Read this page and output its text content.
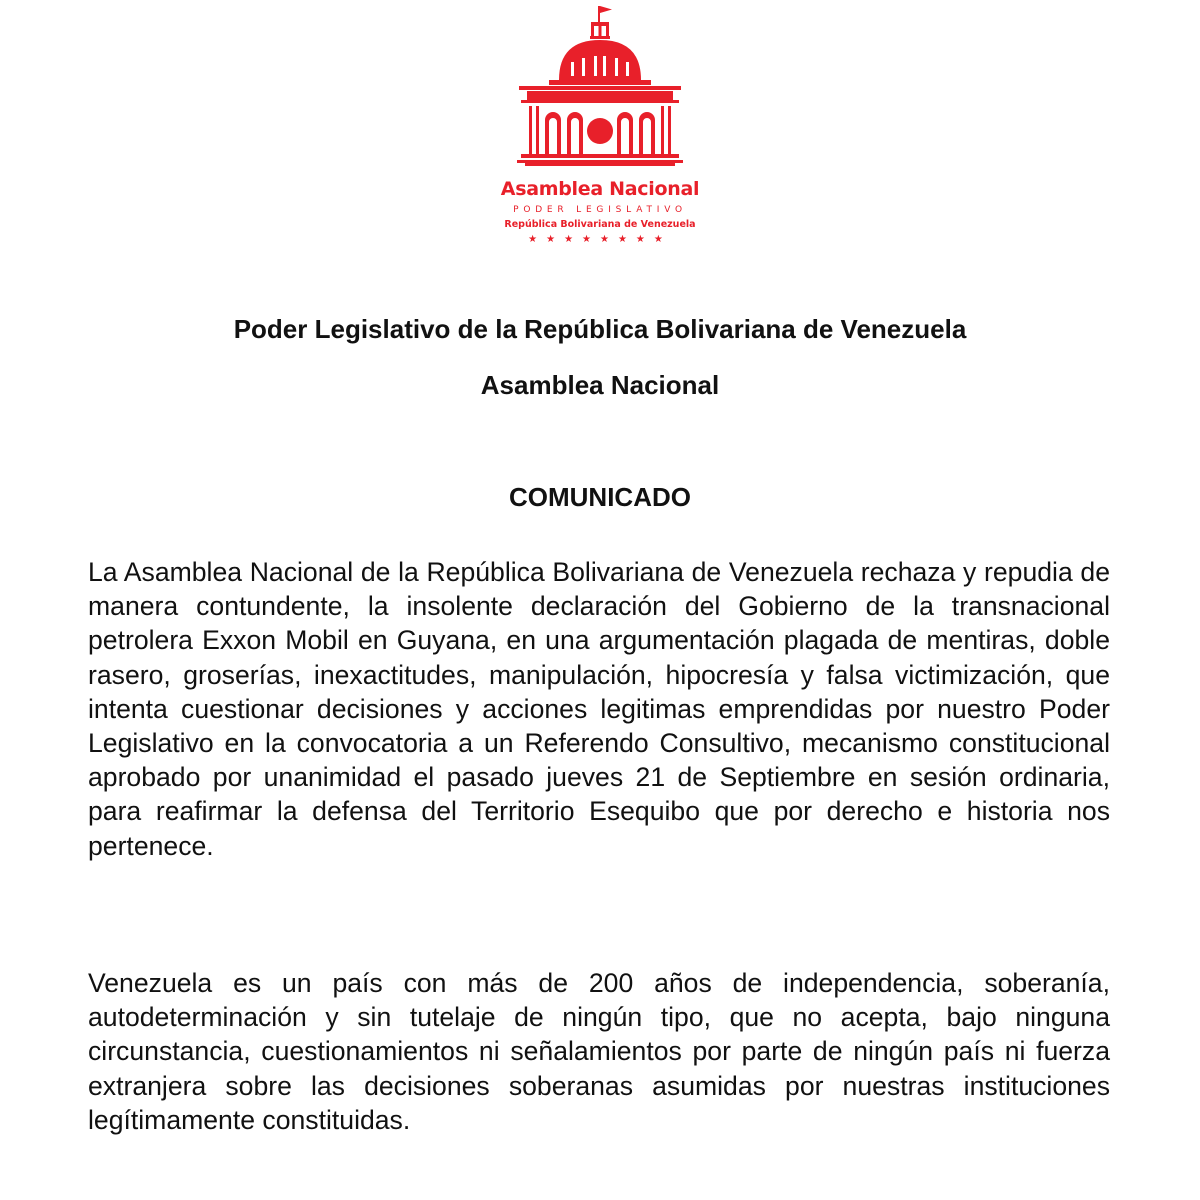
Asamblea Nacional
PODER LEGISLATIVO
República Bolivariana de Venezuela
★★★★★★★★
Poder Legislativo de la República Bolivariana de Venezuela
Asamblea Nacional
COMUNICADO

La Asamblea Nacional de la República Bolivariana de Venezuela rechaza y repudia de manera contundente, la insolente declaración del Gobierno de la transnacional petrolera Exxon Mobil en Guyana, en una argumentación plagada de mentiras, doble rasero, groserías, inexactitudes, manipulación, hipocresía y falsa victimización, que intenta cuestionar decisiones y acciones legitimas emprendidas por nuestro Poder Legislativo en la convocatoria a un Referendo Consultivo, mecanismo constitucional aprobado por unanimidad el pasado jueves 21 de Septiembre en sesión ordinaria, para reafirmar la defensa del Territorio Esequibo que por derecho e historia nos pertenece.

Venezuela es un país con más de 200 años de independencia, soberanía, autodeterminación y sin tutelaje de ningún tipo, que no acepta, bajo ninguna circunstancia, cuestionamientos ni señalamientos por parte de ningún país ni fuerza extranjera sobre las decisiones soberanas asumidas por nuestras instituciones legítimamente constituidas.
